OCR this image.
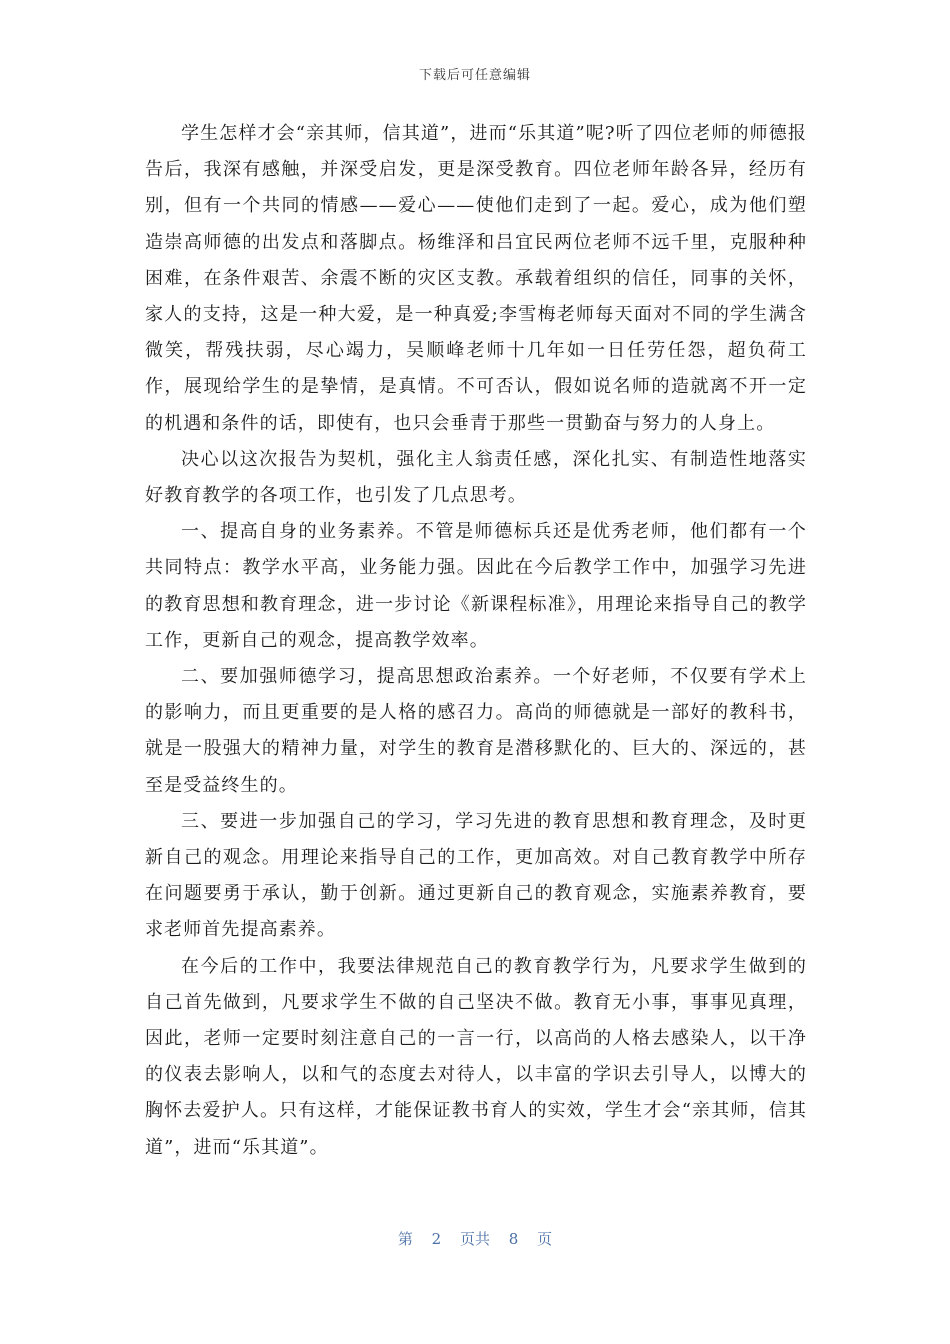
下载后可任意编辑

学生怎样才会“亲其师，信其道”，进而“乐其道”呢?听了四位老师的师德报告后，我深有感触，并深受启发，更是深受教育。四位老师年龄各异，经历有别，但有一个共同的情感——爱心——使他们走到了一起。爱心，成为他们塑造崇高师德的出发点和落脚点。杨维泽和吕宜民两位老师不远千里，克服种种困难，在条件艰苦、余震不断的灾区支教。承载着组织的信任，同事的关怀，家人的支持，这是一种大爱，是一种真爱;李雪梅老师每天面对不同的学生满含微笑，帮残扶弱，尽心竭力，吴顺峰老师十几年如一日任劳任怨，超负荷工作，展现给学生的是挚情，是真情。不可否认，假如说名师的造就离不开一定的机遇和条件的话，即使有，也只会垂青于那些一贯勤奋与努力的人身上。

决心以这次报告为契机，强化主人翁责任感，深化扎实、有制造性地落实好教育教学的各项工作，也引发了几点思考。

一、提高自身的业务素养。不管是师德标兵还是优秀老师，他们都有一个共同特点：教学水平高，业务能力强。因此在今后教学工作中，加强学习先进的教育思想和教育理念，进一步讨论《新课程标准》，用理论来指导自己的教学工作，更新自己的观念，提高教学效率。

二、要加强师德学习，提高思想政治素养。一个好老师，不仅要有学术上的影响力，而且更重要的是人格的感召力。高尚的师德就是一部好的教科书，就是一股强大的精神力量，对学生的教育是潜移默化的、巨大的、深远的，甚至是受益终生的。

三、要进一步加强自己的学习，学习先进的教育思想和教育理念，及时更新自己的观念。用理论来指导自己的工作，更加高效。对自己教育教学中所存在问题要勇于承认，勤于创新。通过更新自己的教育观念，实施素养教育，要求老师首先提高素养。

在今后的工作中，我要法律规范自己的教育教学行为，凡要求学生做到的自己首先做到，凡要求学生不做的自己坚决不做。教育无小事，事事见真理，因此，老师一定要时刻注意自己的一言一行，以高尚的人格去感染人，以干净的仪表去影响人，以和气的态度去对待人，以丰富的学识去引导人，以博大的胸怀去爱护人。只有这样，才能保证教书育人的实效，学生才会“亲其师，信其道”，进而“乐其道”。

第 2 页共 8 页
